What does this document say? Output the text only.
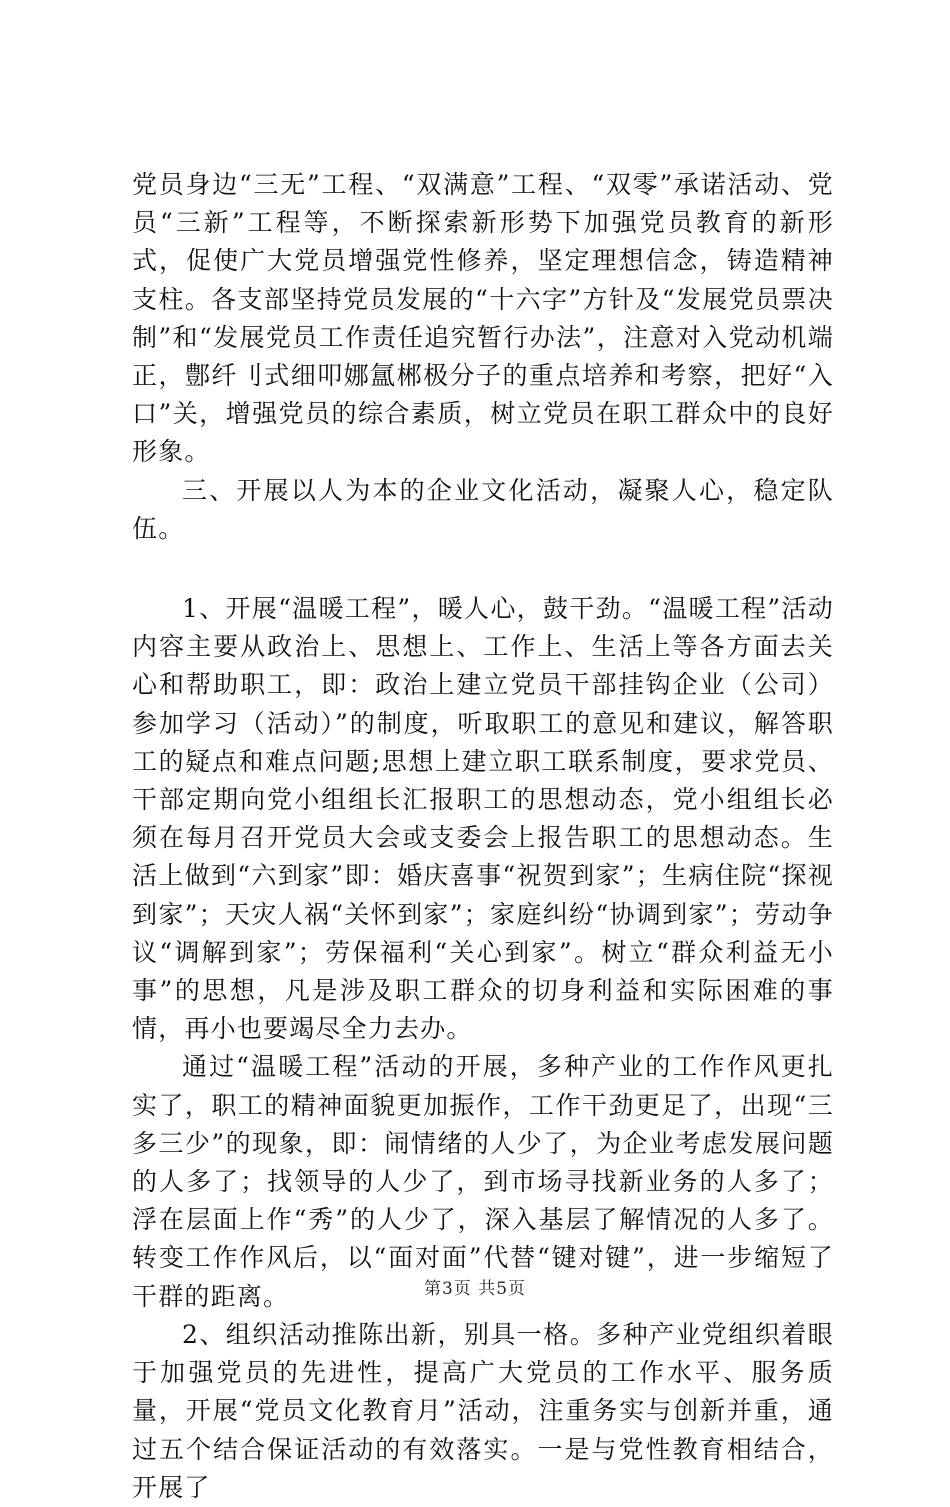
党员身边“三无”工程、“双满意”工程、“双零”承诺活动、党员“三新”工程等，不断探索新形势下加强党员教育的新形式，促使广大党员增强党性修养，坚定理想信念，铸造精神支柱。各支部坚持党员发展的“十六字”方针及“发展党员票决制”和“发展党员工作责任追究暂行办法”，注意对入党动机端正，鄷纤刂式细叩娜氲郴极分子的重点培养和考察，把好“入口”关，增强党员的综合素质，树立党员在职工群众中的良好形象。

三、开展以人为本的企业文化活动，凝聚人心，稳定队伍。

1、开展“温暖工程”，暖人心，鼓干劲。“温暖工程”活动内容主要从政治上、思想上、工作上、生活上等各方面去关心和帮助职工，即：政治上建立党员干部挂钩企业（公司）参加学习（活动）”的制度，听取职工的意见和建议，解答职工的疑点和难点问题;思想上建立职工联系制度，要求党员、干部定期向党小组组长汇报职工的思想动态，党小组组长必须在每月召开党员大会或支委会上报告职工的思想动态。生活上做到“六到家”即：婚庆喜事“祝贺到家”；生病住院“探视到家”；天灾人祸“关怀到家”；家庭纠纷“协调到家”；劳动争议“调解到家”；劳保福利“关心到家”。树立“群众利益无小事”的思想，凡是涉及职工群众的切身利益和实际困难的事情，再小也要竭尽全力去办。

通过“温暖工程”活动的开展，多种产业的工作作风更扎实了，职工的精神面貌更加振作，工作干劲更足了，出现“三多三少”的现象，即：闹情绪的人少了，为企业考虑发展问题的人多了；找领导的人少了，到市场寻找新业务的人多了；浮在层面上作“秀”的人少了，深入基层了解情况的人多了。转变工作作风后，以“面对面”代替“键对键”，进一步缩短了干群的距离。

2、组织活动推陈出新，别具一格。多种产业党组织着眼于加强党员的先进性，提高广大党员的工作水平、服务质量，开展“党员文化教育月”活动，注重务实与创新并重，通过五个结合保证活动的有效落实。一是与党性教育相结合，开展了

第3页 共5页
